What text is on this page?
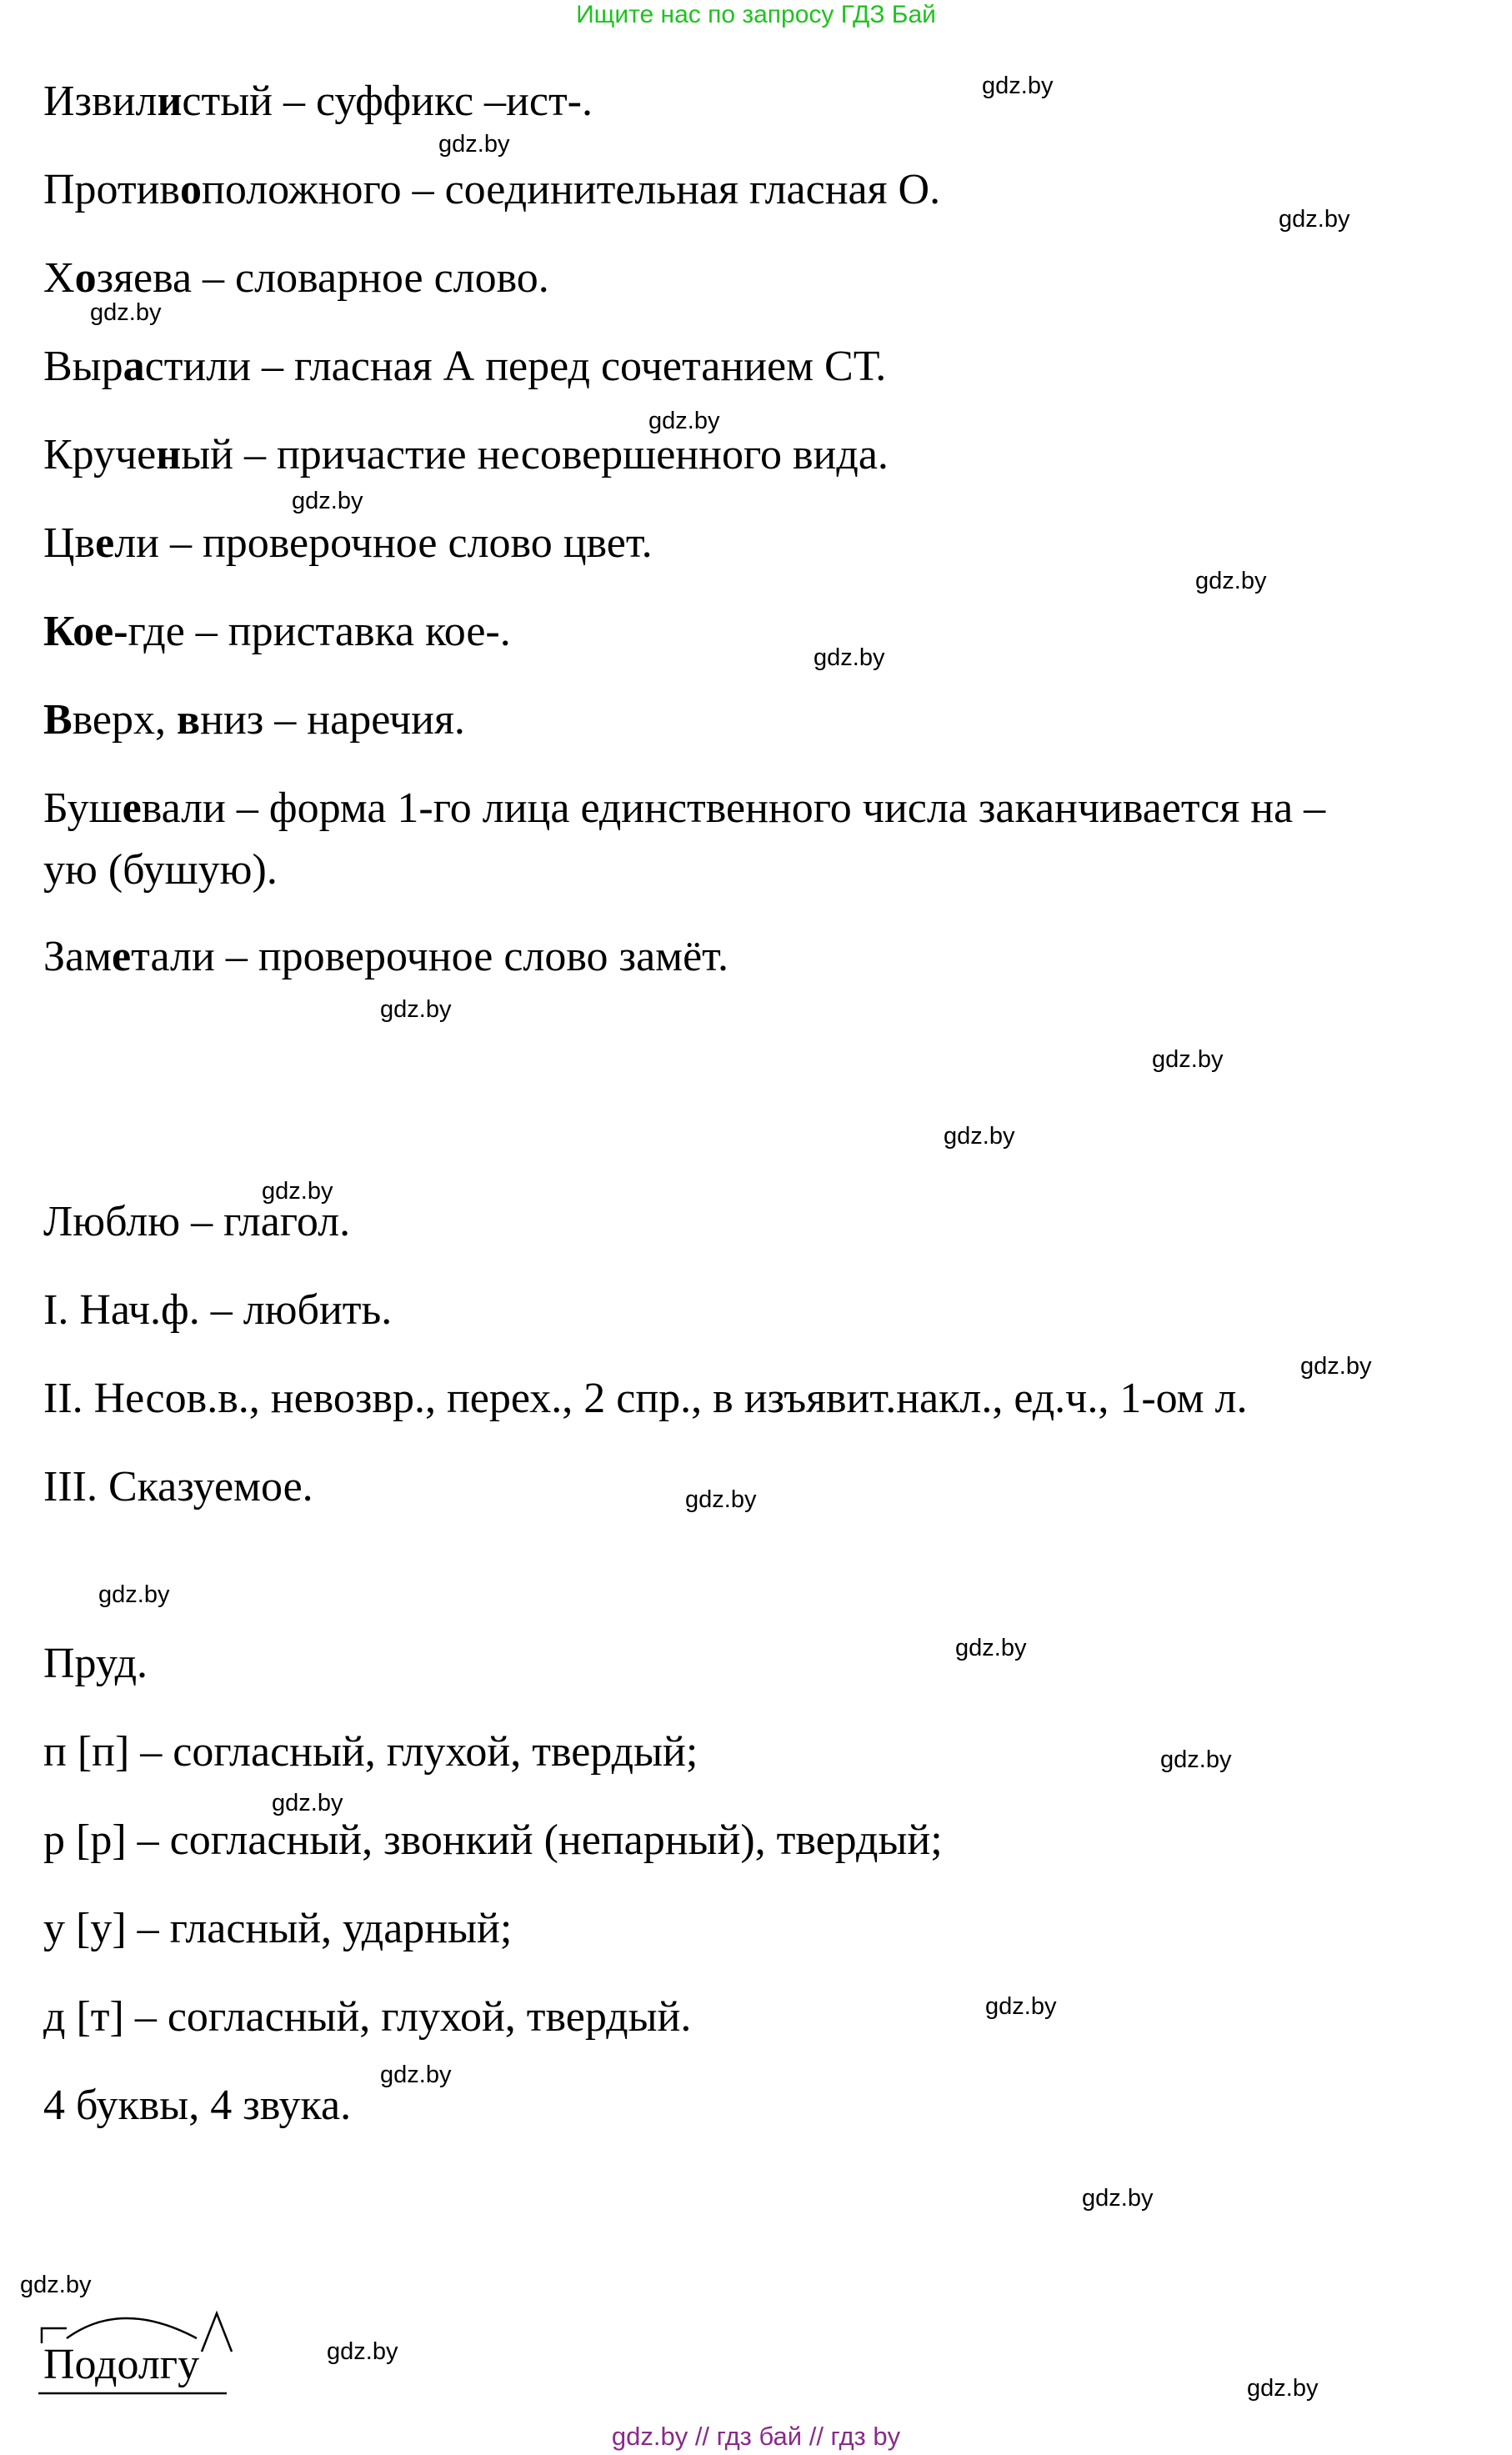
Ищите нас по запросу ГДЗ Бай

Извилистый – суффикс –ист-.

Противоположного – соединительная гласная О.

Хозяева – словарное слово.

Вырастили – гласная А перед сочетанием СТ.

Крученый – причастие несовершенного вида.

Цвели – проверочное слово цвет.

Кое-где – приставка кое-.

Вверх, вниз – наречия.

Бушевали – форма 1-го лица единственного числа заканчивается на –

ую (бушую).

Заметали – проверочное слово замёт.

Люблю – глагол.

I. Нач.ф. – любить.

II. Несов.в., невозвр., перех., 2 спр., в изъявит.накл., ед.ч., 1-ом л.

III. Сказуемое.

Пруд.

п [п] – согласный, глухой, твердый;

р [р] – согласный, звонкий (непарный), твердый;

у [у] – гласный, ударный;

д [т] – согласный, глухой, твердый.

4 буквы, 4 звука.

Подолгу
gdz.by
gdz.by
gdz.by
gdz.by
gdz.by
gdz.by
gdz.by
gdz.by
gdz.by
gdz.by
gdz.by
gdz.by
gdz.by
gdz.by
gdz.by
gdz.by
gdz.by
gdz.by
gdz.by
gdz.by
gdz.by
gdz.by
gdz.by
gdz.by
gdz.by // гдз бай // гдз by
